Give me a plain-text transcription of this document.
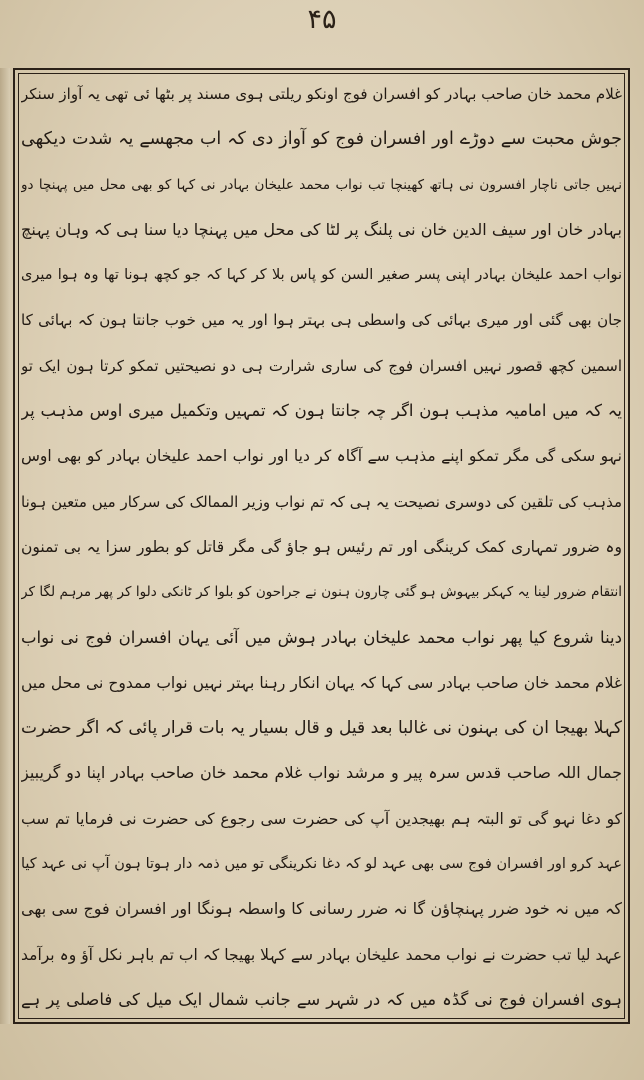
۴۵
غلام محمد خان صاحب بہادر کو افسران فوج اونکو ریلتی ہوی مسند پر بٹھا ئی تھی یہ آواز سنکر
جوش محبت سے دوڑے اور افسران فوج کو آواز دی کہ اب مجھسے یہ شدت دیکھی
نہیں جاتی ناچار افسرون نی ہاتھ کھینچا تب نواب محمد علیخان بہادر نی کہا کو بھی محل میں پہنچا دو
بہادر خان اور سیف الدین خان نی پلنگ پر لٹا کی محل میں پہنچا دیا سنا ہی کہ وہان پہنچ
نواب احمد علیخان بہادر اپنی پسر صغیر السن کو پاس بلا کر کہا کہ جو کچھ ہونا تھا وہ ہوا میری
جان بھی گئی اور میری بہائی کی واسطی ہی بہتر ہوا اور یہ میں خوب جانتا ہون کہ بہائی کا
اسمین کچھ قصور نہیں افسران فوج کی ساری شرارت ہی دو نصیحتیں تمکو کرتا ہون ایک تو
یہ کہ میں امامیہ مذہب ہون اگر چہ جانتا ہون کہ تمہیں وتکمیل میری اوس مذہب پر
نہو سکی گی مگر تمکو اپنے مذہب سے آگاہ کر دیا اور نواب احمد علیخان بہادر کو بھی اوس
مذہب کی تلقین کی دوسری نصیحت یہ ہی کہ تم نواب وزیر الممالک کی سرکار میں متعین ہونا
وہ ضرور تمہاری کمک کرینگی اور تم رئیس ہو جاؤ گی مگر قاتل کو بطور سزا یہ بی تمنون
انتقام ضرور لینا یہ کہکر بیہوش ہو گئی چارون ہنون نے جراحون کو بلوا کر ٹانکی دلوا کر پھر مرہم لگا کر
دینا شروع کیا پھر نواب محمد علیخان بہادر ہوش میں آئی یہان افسران فوج نی نواب
غلام محمد خان صاحب بہادر سی کہا کہ یہان انکار رہنا بہتر نہیں نواب ممدوح نی محل میں
کہلا بھیجا ان کی بہنون نی غالبا بعد قیل و قال بسیار یہ بات قرار پائی کہ اگر حضرت
جمال اللہ صاحب قدس سرہ پیر و مرشد نواب غلام محمد خان صاحب بہادر اپنا دو گریبیز
کو دغا نہو گی تو البتہ ہم بھیجدین آپ کی حضرت سی رجوع کی حضرت نی فرمایا تم سب
عہد کرو اور افسران فوج سی بھی عہد لو کہ دغا نکرینگی تو میں ذمہ دار ہوتا ہون آپ نی عہد کیا
کہ میں نہ خود ضرر پہنچاؤن گا نہ ضرر رسانی کا واسطہ ہونگا اور افسران فوج سی بھی
عہد لیا تب حضرت نے نواب محمد علیخان بہادر سے کہلا بھیجا کہ اب تم باہر نکل آؤ وہ برآمد
ہوی افسران فوج نی گڈہ میں کہ در شہر سے جانب شمال ایک میل کی فاصلی پر ہے
